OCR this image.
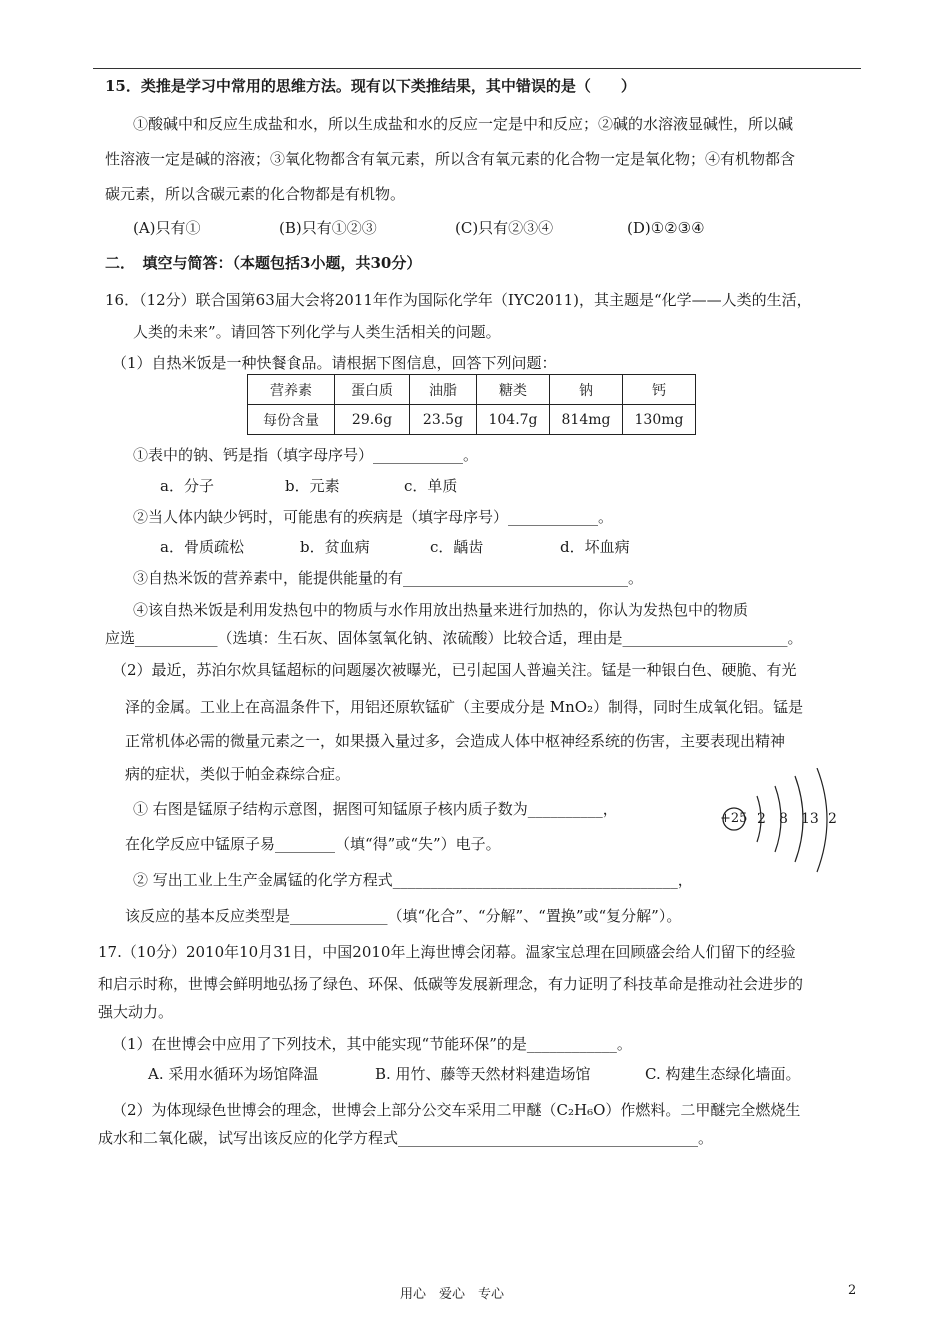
15．类推是学习中常用的思维方法。现有以下类推结果，其中错误的是（　　）
①酸碱中和反应生成盐和水，所以生成盐和水的反应一定是中和反应；②碱的水溶液显碱性，所以碱
性溶液一定是碱的溶液；③氧化物都含有氧元素，所以含有氧元素的化合物一定是氧化物；④有机物都含
碳元素，所以含碳元素的化合物都是有机物。
(A)只有①	(B)只有①②③	(C)只有②③④	(D)①②③④
二．　填空与简答：（本题包括3小题，共30分）
16．（12分）联合国第63届大会将2011年作为国际化学年（IYC2011)，其主题是“化学——人类的生活，
人类的未来”。请回答下列化学与人类生活相关的问题。
（1）自热米饭是一种快餐食品。请根据下图信息，回答下列问题：
营养素	蛋白质	油脂	糖类	钠	钙
每份含量	29.6g	23.5g	104.7g	814mg	130mg
①表中的钠、钙是指（填字母序号）____________。
a．分子	b．元素	c．单质
②当人体内缺少钙时，可能患有的疾病是（填字母序号）____________。
a．骨质疏松	b．贫血病	c．龋齿	d．坏血病
③自热米饭的营养素中，能提供能量的有______________________________。
④该自热米饭是利用发热包中的物质与水作用放出热量来进行加热的，你认为发热包中的物质
应选___________（选填：生石灰、固体氢氧化钠、浓硫酸）比较合适，理由是______________________。
（2）最近，苏泊尔炊具锰超标的问题屡次被曝光，已引起国人普遍关注。锰是一种银白色、硬脆、有光
泽的金属。工业上在高温条件下，用铝还原软锰矿（主要成分是 MnO₂）制得，同时生成氧化铝。锰是
正常机体必需的微量元素之一，如果摄入量过多，会造成人体中枢神经系统的伤害，主要表现出精神
病的症状，类似于帕金森综合症。
① 右图是锰原子结构示意图，据图可知锰原子核内质子数为__________，
在化学反应中锰原子易________（填“得”或“失”）电子。
② 写出工业上生产金属锰的化学方程式______________________________________，
该反应的基本反应类型是_____________（填“化合”、“分解”、“置换”或“复分解”）。
+25 2 8 13 2
17.（10分）2010年10月31日，中国2010年上海世博会闭幕。温家宝总理在回顾盛会给人们留下的经验
和启示时称，世博会鲜明地弘扬了绿色、环保、低碳等发展新理念，有力证明了科技革命是推动社会进步的
强大动力。
（1）在世博会中应用了下列技术，其中能实现“节能环保”的是____________。
A. 采用水循环为场馆降温	B. 用竹、藤等天然材料建造场馆	C. 构建生态绿化墙面。
（2）为体现绿色世博会的理念，世博会上部分公交车采用二甲醚（C₂H₆O）作燃料。二甲醚完全燃烧生
成水和二氧化碳，试写出该反应的化学方程式________________________________________。
用心　爱心　专心	2
